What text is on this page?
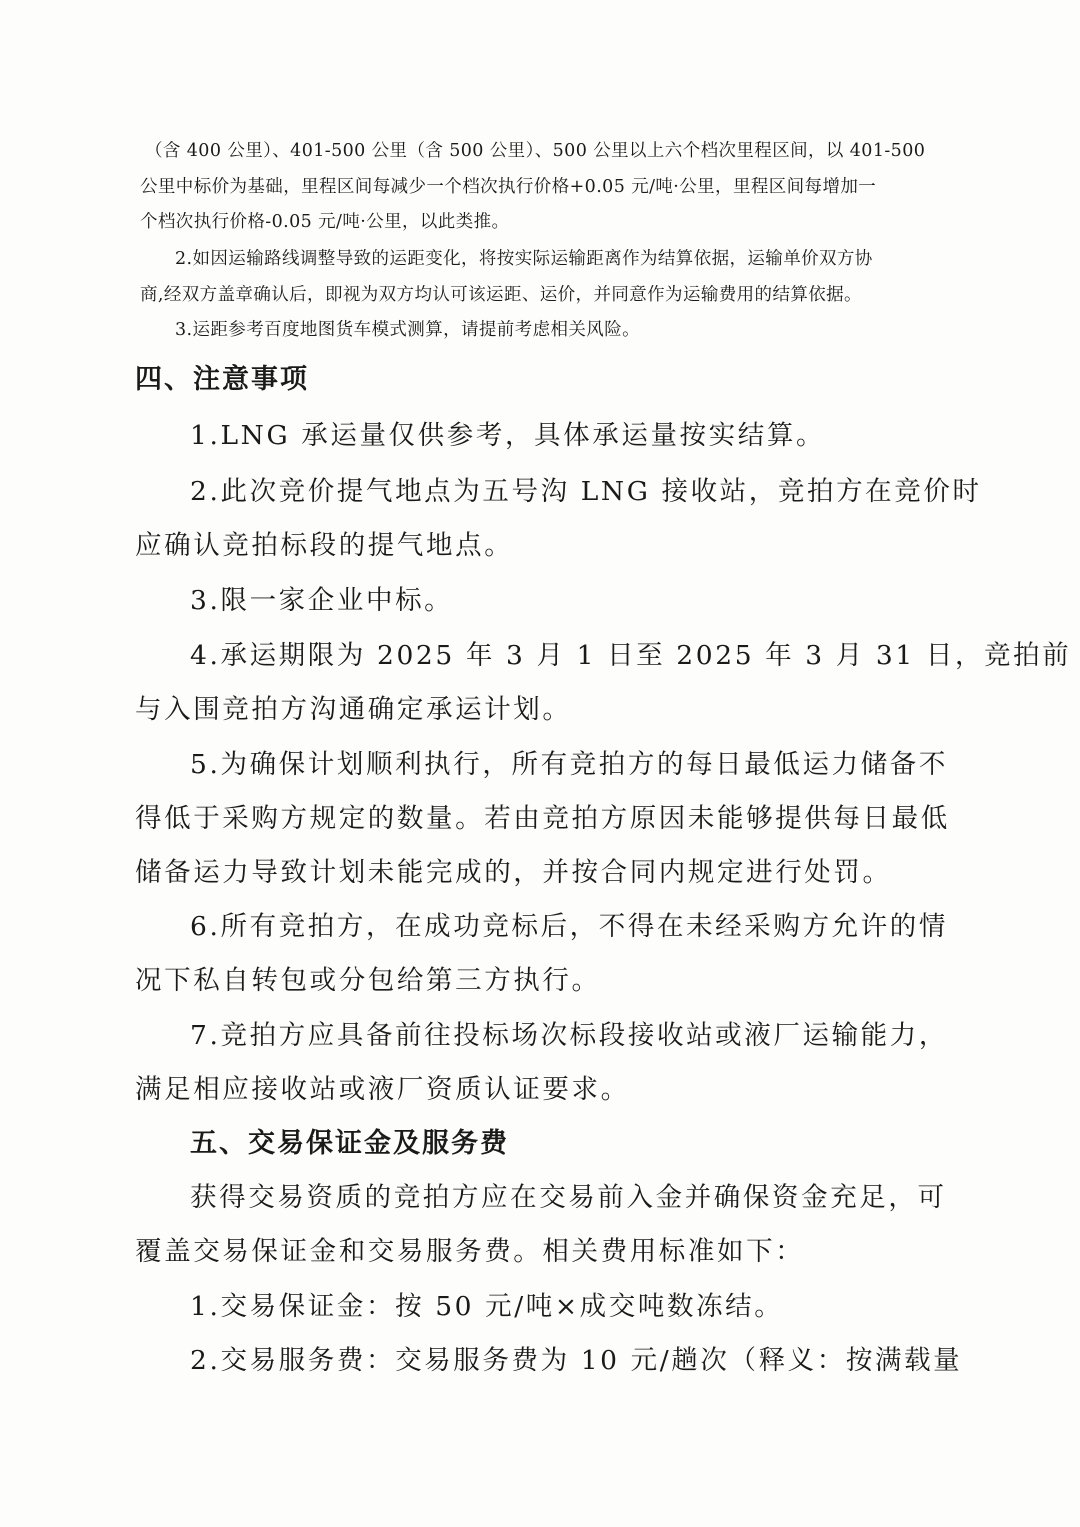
（含 400 公里）、401-500 公里（含 500 公里）、500 公里以上六个档次里程区间，以 401-500
公里中标价为基础，里程区间每减少一个档次执行价格+0.05 元/吨·公里，里程区间每增加一
个档次执行价格-0.05 元/吨·公里，以此类推。
2.如因运输路线调整导致的运距变化，将按实际运输距离作为结算依据，运输单价双方协
商,经双方盖章确认后，即视为双方均认可该运距、运价，并同意作为运输费用的结算依据。
3.运距参考百度地图货车模式测算，请提前考虑相关风险。
四、注意事项
1.LNG 承运量仅供参考，具体承运量按实结算。
2.此次竞价提气地点为五号沟 LNG 接收站，竞拍方在竞价时
应确认竞拍标段的提气地点。
3.限一家企业中标。
4.承运期限为 2025 年 3 月 1 日至 2025 年 3 月 31 日，竞拍前
与入围竞拍方沟通确定承运计划。
5.为确保计划顺利执行，所有竞拍方的每日最低运力储备不
得低于采购方规定的数量。若由竞拍方原因未能够提供每日最低
储备运力导致计划未能完成的，并按合同内规定进行处罚。
6.所有竞拍方，在成功竞标后，不得在未经采购方允许的情
况下私自转包或分包给第三方执行。
7.竞拍方应具备前往投标场次标段接收站或液厂运输能力，
满足相应接收站或液厂资质认证要求。
五、交易保证金及服务费
获得交易资质的竞拍方应在交易前入金并确保资金充足，可
覆盖交易保证金和交易服务费。相关费用标准如下：
1.交易保证金：按 50 元/吨×成交吨数冻结。
2.交易服务费：交易服务费为 10 元/趟次（释义：按满载量
